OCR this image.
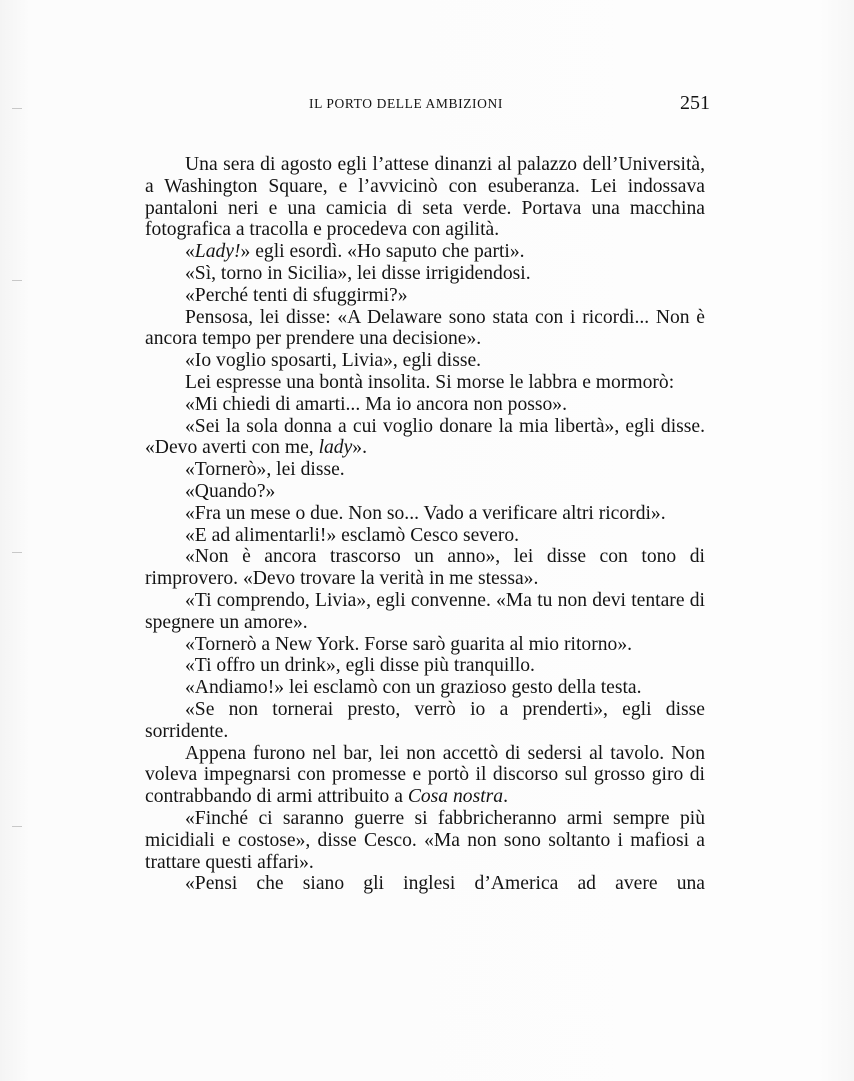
IL PORTO DELLE AMBIZIONI	251

Una sera di agosto egli l’attese dinanzi al palazzo dell’Università, a Washington Square, e l’avvicinò con esuberanza. Lei indossava pantaloni neri e una camicia di seta verde. Portava una macchina fotografica a tracolla e procedeva con agilità.

«Lady!» egli esordì. «Ho saputo che parti».

«Sì, torno in Sicilia», lei disse irrigidendosi.

«Perché tenti di sfuggirmi?»

Pensosa, lei disse: «A Delaware sono stata con i ricordi... Non è ancora tempo per prendere una decisione».

«Io voglio sposarti, Livia», egli disse.

Lei espresse una bontà insolita. Si morse le labbra e mormorò:

«Mi chiedi di amarti... Ma io ancora non posso».

«Sei la sola donna a cui voglio donare la mia libertà», egli disse. «Devo averti con me, lady».

«Tornerò», lei disse.

«Quando?»

«Fra un mese o due. Non so... Vado a verificare altri ricordi».

«E ad alimentarli!» esclamò Cesco severo.

«Non è ancora trascorso un anno», lei disse con tono di rimprovero. «Devo trovare la verità in me stessa».

«Ti comprendo, Livia», egli convenne. «Ma tu non devi tentare di spegnere un amore».

«Tornerò a New York. Forse sarò guarita al mio ritorno».

«Ti offro un drink», egli disse più tranquillo.

«Andiamo!» lei esclamò con un grazioso gesto della testa.

«Se non tornerai presto, verrò io a prenderti», egli disse sorridente.

Appena furono nel bar, lei non accettò di sedersi al tavolo. Non voleva impegnarsi con promesse e portò il discorso sul grosso giro di contrabbando di armi attribuito a Cosa nostra.

«Finché ci saranno guerre si fabbricheranno armi sempre più micidiali e costose», disse Cesco. «Ma non sono soltanto i mafiosi a trattare questi affari».

«Pensi che siano gli inglesi d’America ad avere una
